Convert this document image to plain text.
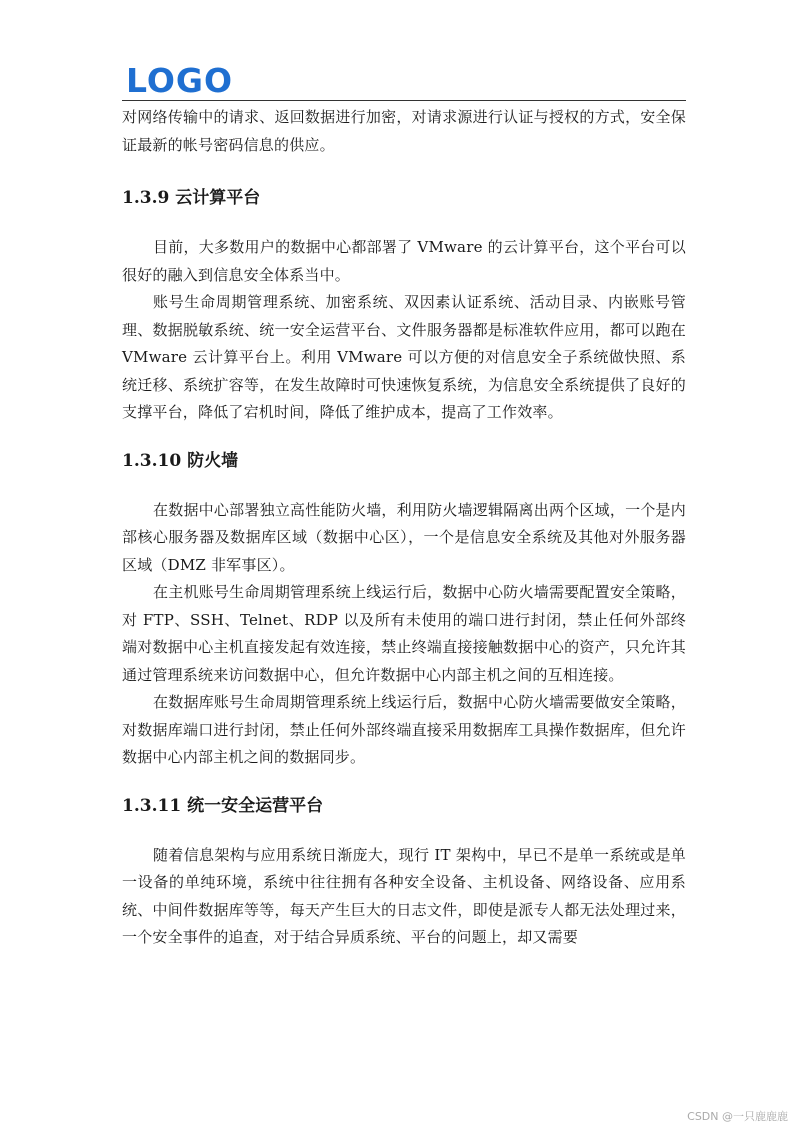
LOGO

对网络传输中的请求、返回数据进行加密，对请求源进行认证与授权的方式，安全保证最新的帐号密码信息的供应。

1.3.9 云计算平台

目前，大多数用户的数据中心都部署了 VMware 的云计算平台，这个平台可以很好的融入到信息安全体系当中。

账号生命周期管理系统、加密系统、双因素认证系统、活动目录、内嵌账号管理、数据脱敏系统、统一安全运营平台、文件服务器都是标准软件应用，都可以跑在 VMware 云计算平台上。利用 VMware 可以方便的对信息安全子系统做快照、系统迁移、系统扩容等，在发生故障时可快速恢复系统，为信息安全系统提供了良好的支撑平台，降低了宕机时间，降低了维护成本，提高了工作效率。

1.3.10 防火墙

在数据中心部署独立高性能防火墙，利用防火墙逻辑隔离出两个区域，一个是内部核心服务器及数据库区域（数据中心区），一个是信息安全系统及其他对外服务器区域（DMZ 非军事区）。

在主机账号生命周期管理系统上线运行后，数据中心防火墙需要配置安全策略，对 FTP、SSH、Telnet、RDP 以及所有未使用的端口进行封闭，禁止任何外部终端对数据中心主机直接发起有效连接，禁止终端直接接触数据中心的资产，只允许其通过管理系统来访问数据中心，但允许数据中心内部主机之间的互相连接。

在数据库账号生命周期管理系统上线运行后，数据中心防火墙需要做安全策略，对数据库端口进行封闭，禁止任何外部终端直接采用数据库工具操作数据库，但允许数据中心内部主机之间的数据同步。

1.3.11 统一安全运营平台

随着信息架构与应用系统日渐庞大，现行 IT 架构中，早已不是单一系统或是单一设备的单纯环境，系统中往往拥有各种安全设备、主机设备、网络设备、应用系统、中间件数据库等等，每天产生巨大的日志文件，即使是派专人都无法处理过来，一个安全事件的追查，对于结合异质系统、平台的问题上，却又需要

CSDN @一只鹿鹿鹿
